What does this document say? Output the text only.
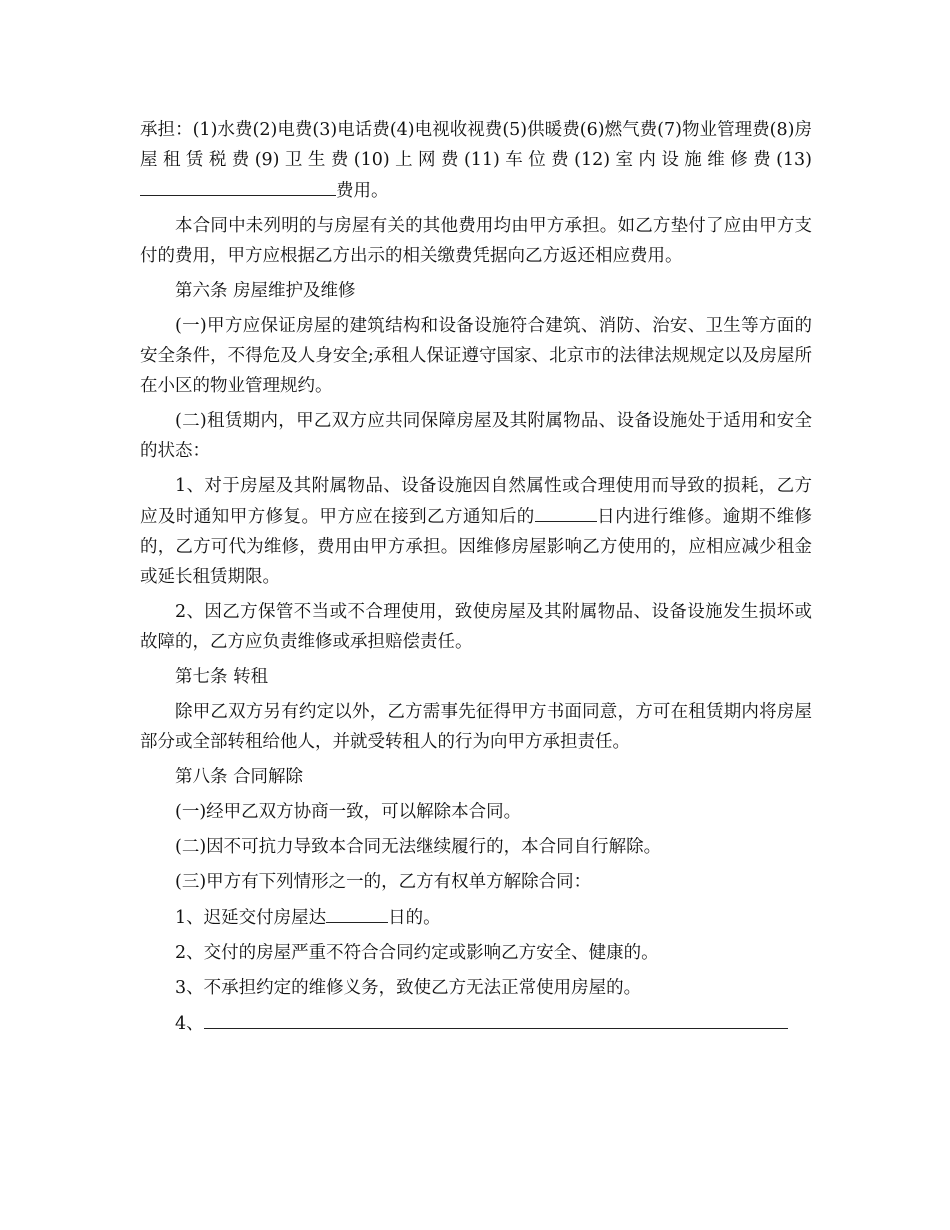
承担：(1)水费(2)电费(3)电话费(4)电视收视费(5)供暖费(6)燃气费(7)物业管理费(8)房屋租赁税费(9)卫生费(10)上网费(11)车位费(12)室内设施维修费(13)费用。

本合同中未列明的与房屋有关的其他费用均由甲方承担。如乙方垫付了应由甲方支付的费用，甲方应根据乙方出示的相关缴费凭据向乙方返还相应费用。

第六条 房屋维护及维修

(一)甲方应保证房屋的建筑结构和设备设施符合建筑、消防、治安、卫生等方面的安全条件，不得危及人身安全;承租人保证遵守国家、北京市的法律法规规定以及房屋所在小区的物业管理规约。

(二)租赁期内，甲乙双方应共同保障房屋及其附属物品、设备设施处于适用和安全的状态：

1、对于房屋及其附属物品、设备设施因自然属性或合理使用而导致的损耗，乙方应及时通知甲方修复。甲方应在接到乙方通知后的	日内进行维修。逾期不维修的，乙方可代为维修，费用由甲方承担。因维修房屋影响乙方使用的，应相应减少租金或延长租赁期限。

2、因乙方保管不当或不合理使用，致使房屋及其附属物品、设备设施发生损坏或故障的，乙方应负责维修或承担赔偿责任。

第七条 转租

除甲乙双方另有约定以外，乙方需事先征得甲方书面同意，方可在租赁期内将房屋部分或全部转租给他人，并就受转租人的行为向甲方承担责任。

第八条 合同解除

(一)经甲乙双方协商一致，可以解除本合同。

(二)因不可抗力导致本合同无法继续履行的，本合同自行解除。

(三)甲方有下列情形之一的，乙方有权单方解除合同：

1、迟延交付房屋达	日的。

2、交付的房屋严重不符合合同约定或影响乙方安全、健康的。

3、不承担约定的维修义务，致使乙方无法正常使用房屋的。

4、
